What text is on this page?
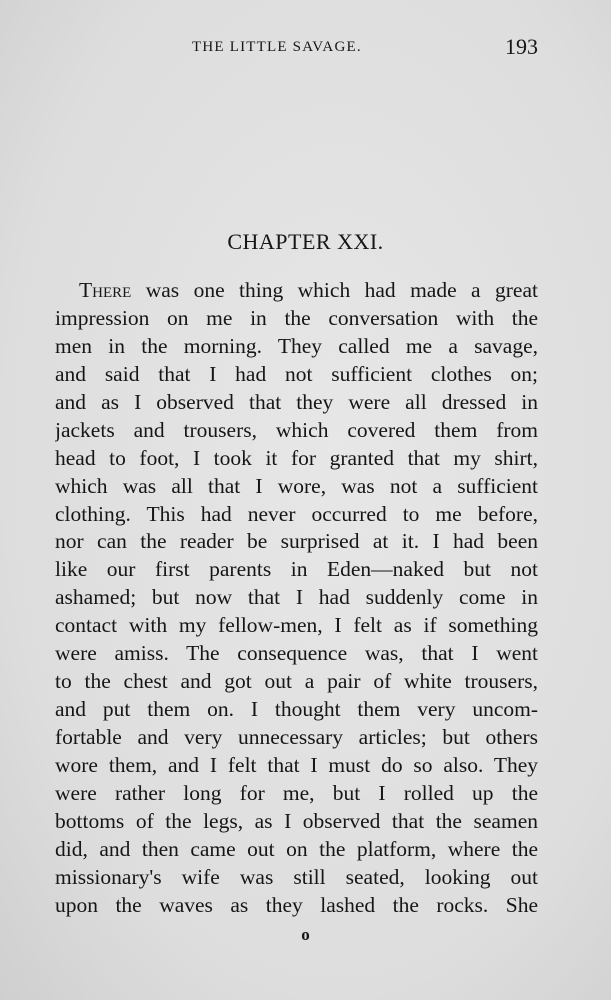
THE LITTLE SAVAGE.	193
CHAPTER XXI.
There was one thing which had made a great
impression on me in the conversation with the
men in the morning. They called me a savage,
and said that I had not sufficient clothes on;
and as I observed that they were all dressed in
jackets and trousers, which covered them from
head to foot, I took it for granted that my shirt,
which was all that I wore, was not a sufficient
clothing. This had never occurred to me before,
nor can the reader be surprised at it. I had been
like our first parents in Eden—naked but not
ashamed; but now that I had suddenly come in
contact with my fellow-men, I felt as if something
were amiss. The consequence was, that I went
to the chest and got out a pair of white trousers,
and put them on. I thought them very uncom-
fortable and very unnecessary articles; but others
wore them, and I felt that I must do so also. They
were rather long for me, but I rolled up the
bottoms of the legs, as I observed that the seamen
did, and then came out on the platform, where the
missionary's wife was still seated, looking out
upon the waves as they lashed the rocks. She
o
